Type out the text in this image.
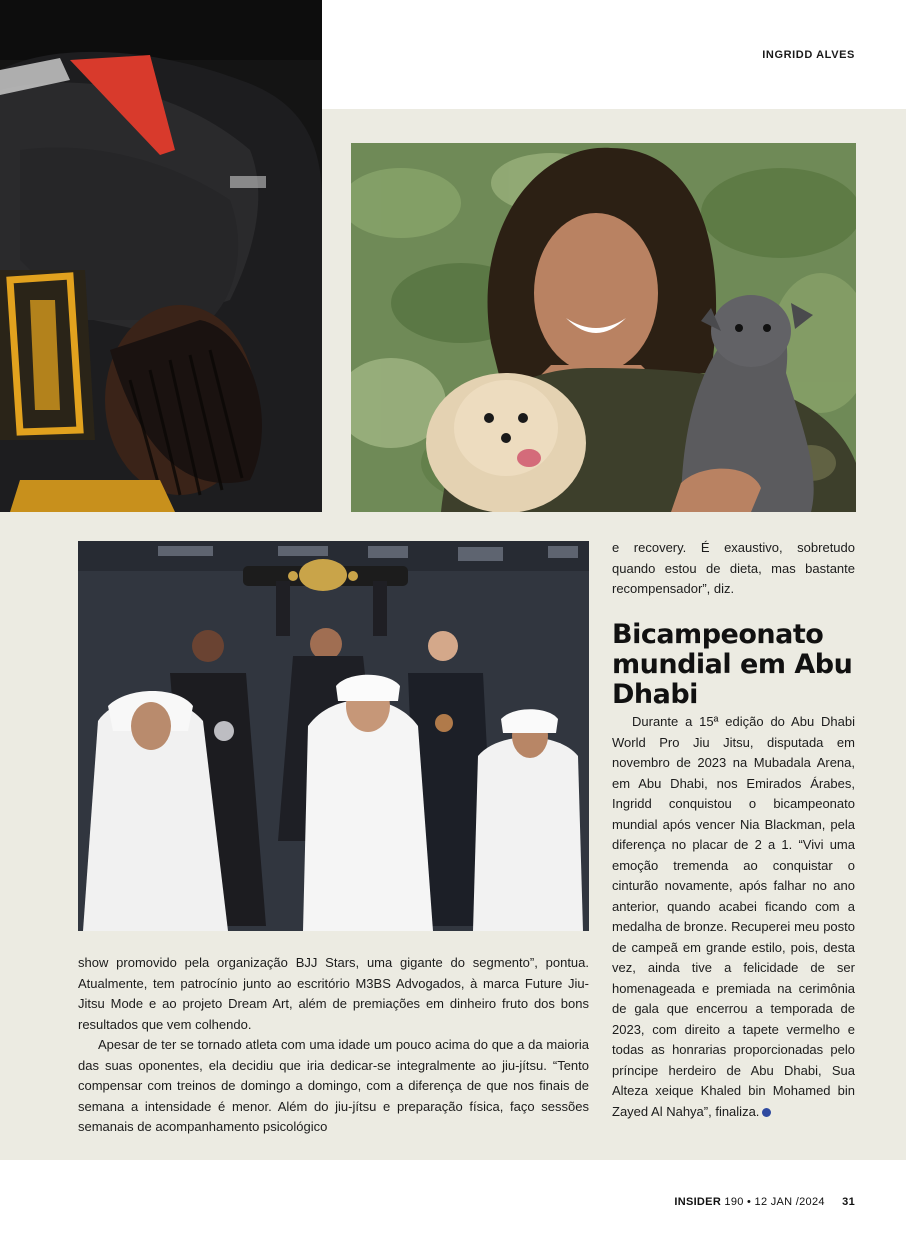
INGRIDD ALVES

e recovery. É exaustivo, sobretudo quando estou de dieta, mas bastante recompensador”, diz.

Bicampeonato mundial em Abu Dhabi

Durante a 15ª edição do Abu Dhabi World Pro Jiu Jitsu, disputada em novembro de 2023 na Mubadala Arena, em Abu Dhabi, nos Emirados Árabes, Ingridd conquistou o bicampeonato mundial após vencer Nia Blackman, pela diferença no placar de 2 a 1. “Vivi uma emoção tremenda ao conquistar o cinturão novamente, após falhar no ano anterior, quando acabei ficando com a medalha de bronze. Recuperei meu posto de campeã em grande estilo, pois, desta vez, ainda tive a felicidade de ser homenageada e premiada na cerimônia de gala que encerrou a temporada de 2023, com direito a tapete vermelho e todas as honrarias proporcionadas pelo príncipe herdeiro de Abu Dhabi, Sua Alteza xeique Khaled bin Mohamed bin Zayed Al Nahya”, finaliza.

show promovido pela organização BJJ Stars, uma gigante do segmento”, pontua. Atualmente, tem patrocínio junto ao escritório M3BS Advogados, à marca Future Jiu-Jitsu Mode e ao projeto Dream Art, além de premiações em dinheiro fruto dos bons resultados que vem colhendo.

Apesar de ter se tornado atleta com uma idade um pouco acima do que a da maioria das suas oponentes, ela decidiu que iria dedicar-se integralmente ao jiu-jítsu. “Tento compensar com treinos de domingo a domingo, com a diferença de que nos finais de semana a intensidade é menor. Além do jiu-jítsu e preparação física, faço sessões semanais de acompanhamento psicológico

INSIDER 190 • 12 JAN /2024 31
